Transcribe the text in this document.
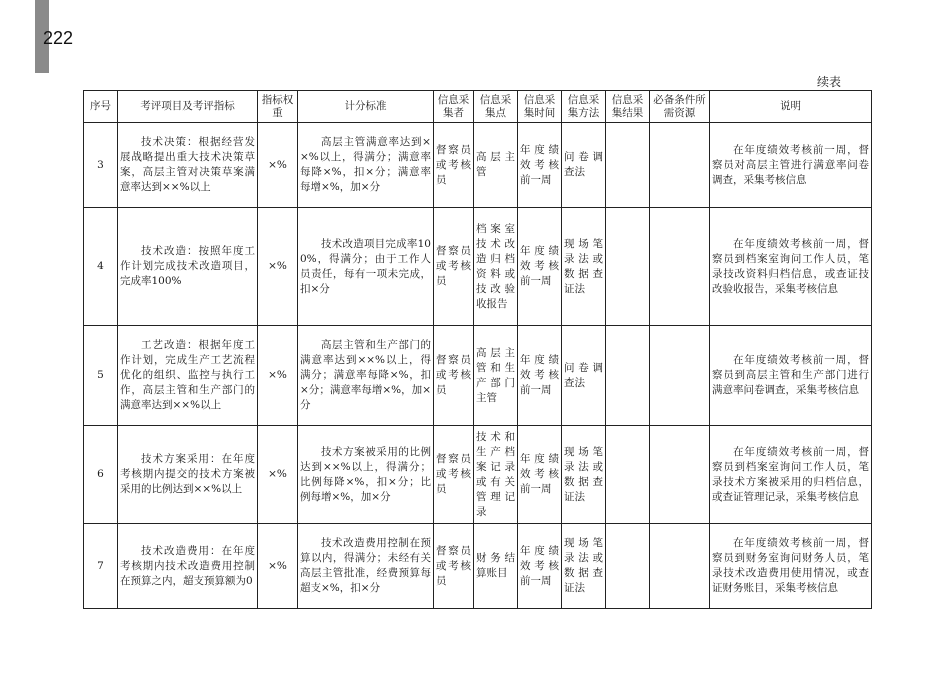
222
续表
序号	考评项目及考评指标	指标权重	计分标准	信息采集者	信息采集点	信息采集时间	信息采集方法	信息采集结果	必备条件所需资源	说明
3	技术决策：根据经营发展战略提出重大技术决策草案，高层主管对决策草案满意率达到××%以上	×%	高层主管满意率达到××%以上，得满分；满意率每降×%，扣×分；满意率每增×%，加×分	督察员或考核员	高层主管	年度绩效考核前一周	问卷调查法			在年度绩效考核前一周，督察员对高层主管进行满意率问卷调查，采集考核信息
4	技术改造：按照年度工作计划完成技术改造项目，完成率100%	×%	技术改造项目完成率100%，得满分；由于工作人员责任，每有一项未完成，扣×分	督察员或考核员	档案室技术改造归档资料或技改验收报告	年度绩效考核前一周	现场笔录法或数据查证法			在年度绩效考核前一周，督察员到档案室询问工作人员，笔录技改资料归档信息，或查证技改验收报告，采集考核信息
5	工艺改造：根据年度工作计划，完成生产工艺流程优化的组织、监控与执行工作，高层主管和生产部门的满意率达到××%以上	×%	高层主管和生产部门的满意率达到××%以上，得满分；满意率每降×%，扣×分；满意率每增×%，加×分	督察员或考核员	高层主管和生产部门主管	年度绩效考核前一周	问卷调查法			在年度绩效考核前一周，督察员到高层主管和生产部门进行满意率问卷调查，采集考核信息
6	技术方案采用：在年度考核期内提交的技术方案被采用的比例达到××%以上	×%	技术方案被采用的比例达到××%以上，得满分；比例每降×%，扣×分；比例每增×%，加×分	督察员或考核员	技术和生产档案记录或有关管理记录	年度绩效考核前一周	现场笔录法或数据查证法			在年度绩效考核前一周，督察员到档案室询问工作人员，笔录技术方案被采用的归档信息，或查证管理记录，采集考核信息
7	技术改造费用：在年度考核期内技术改造费用控制在预算之内，超支预算额为0	×%	技术改造费用控制在预算以内，得满分；未经有关高层主管批准，经费预算每超支×%，扣×分	督察员或考核员	财务结算账目	年度绩效考核前一周	现场笔录法或数据查证法			在年度绩效考核前一周，督察员到财务室询问财务人员，笔录技术改造费用使用情况，或查证财务账目，采集考核信息
